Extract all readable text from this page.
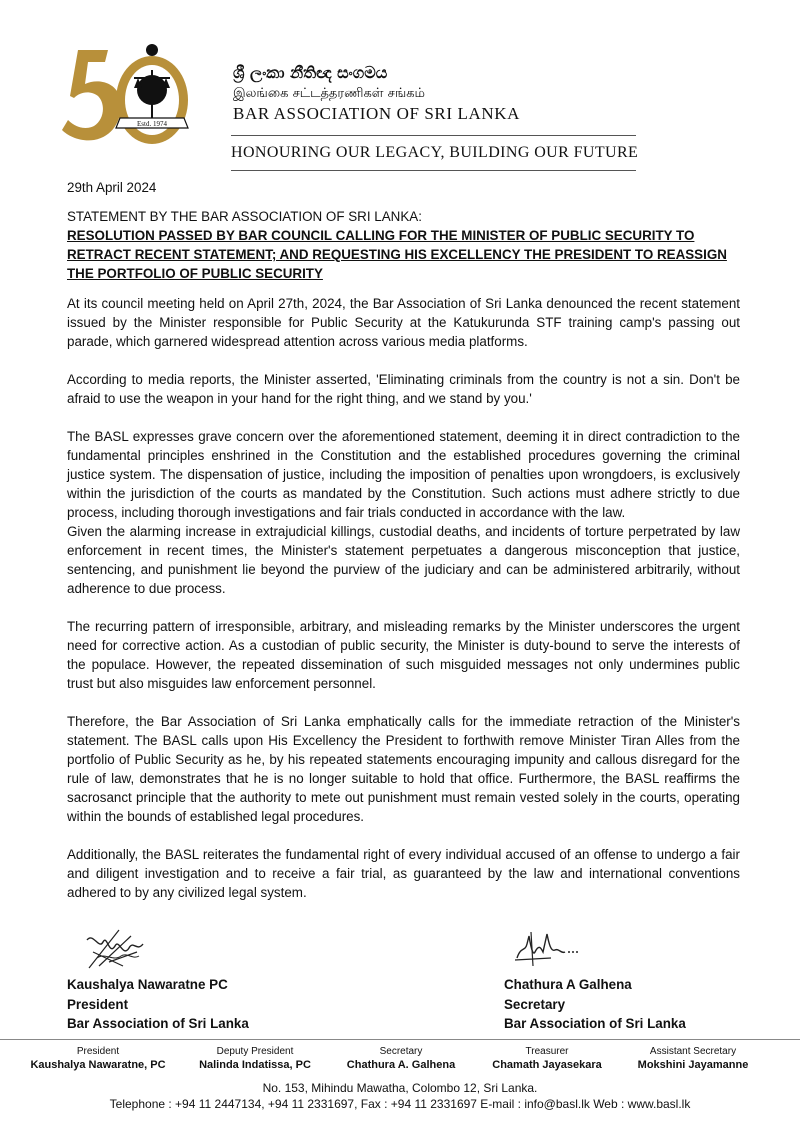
Estd. 1974
ශ්‍රී ලංකා නීතිඥ සංගමය
இலங்கை சட்டத்தரணிகள் சங்கம்
BAR ASSOCIATION OF SRI LANKA
HONOURING OUR LEGACY, BUILDING OUR FUTURE

29th April 2024

STATEMENT BY THE BAR ASSOCIATION OF SRI LANKA:

RESOLUTION PASSED BY BAR COUNCIL CALLING FOR THE MINISTER OF PUBLIC SECURITY TO RETRACT RECENT STATEMENT; AND REQUESTING HIS EXCELLENCY THE PRESIDENT TO REASSIGN THE PORTFOLIO OF PUBLIC SECURITY

At its council meeting held on April 27th, 2024, the Bar Association of Sri Lanka denounced the recent statement issued by the Minister responsible for Public Security at the Katukurunda STF training camp's passing out parade, which garnered widespread attention across various media platforms.

According to media reports, the Minister asserted, 'Eliminating criminals from the country is not a sin. Don't be afraid to use the weapon in your hand for the right thing, and we stand by you.'

The BASL expresses grave concern over the aforementioned statement, deeming it in direct contradiction to the fundamental principles enshrined in the Constitution and the established procedures governing the criminal justice system. The dispensation of justice, including the imposition of penalties upon wrongdoers, is exclusively within the jurisdiction of the courts as mandated by the Constitution. Such actions must adhere strictly to due process, including thorough investigations and fair trials conducted in accordance with the law.

Given the alarming increase in extrajudicial killings, custodial deaths, and incidents of torture perpetrated by law enforcement in recent times, the Minister's statement perpetuates a dangerous misconception that justice, sentencing, and punishment lie beyond the purview of the judiciary and can be administered arbitrarily, without adherence to due process.

The recurring pattern of irresponsible, arbitrary, and misleading remarks by the Minister underscores the urgent need for corrective action. As a custodian of public security, the Minister is duty-bound to serve the interests of the populace. However, the repeated dissemination of such misguided messages not only undermines public trust but also misguides law enforcement personnel.

Therefore, the Bar Association of Sri Lanka emphatically calls for the immediate retraction of the Minister's statement. The BASL calls upon His Excellency the President to forthwith remove Minister Tiran Alles from the portfolio of Public Security as he, by his repeated statements encouraging impunity and callous disregard for the rule of law, demonstrates that he is no longer suitable to hold that office. Furthermore, the BASL reaffirms the sacrosanct principle that the authority to mete out punishment must remain vested solely in the courts, operating within the bounds of established legal procedures.

Additionally, the BASL reiterates the fundamental right of every individual accused of an offense to undergo a fair and diligent investigation and to receive a fair trial, as guaranteed by the law and international conventions adhered to by any civilized legal system.

Kaushalya Nawaratne PC
President
Bar Association of Sri Lanka
Chathura A Galhena
Secretary
Bar Association of Sri Lanka
President
Kaushalya Nawaratne, PC
Deputy President
Nalinda Indatissa, PC
Secretary
Chathura A. Galhena
Treasurer
Chamath Jayasekara
Assistant Secretary
Mokshini Jayamanne
No. 153, Mihindu Mawatha, Colombo 12, Sri Lanka.
Telephone : +94 11 2447134, +94 11 2331697, Fax : +94 11 2331697 E-mail : info@basl.lk Web : www.basl.lk
